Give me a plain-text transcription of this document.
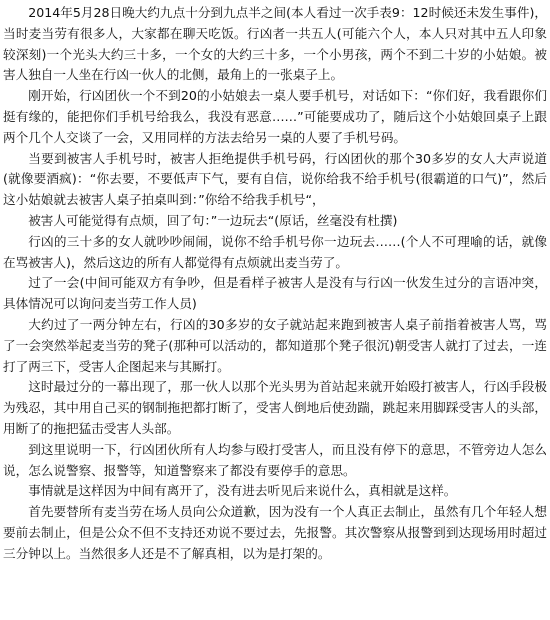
2014年5月28日晚大约九点十分到九点半之间(本人看过一次手表9：12时候还未发生事件)，当时麦当劳有很多人，大家都在聊天吃饭。行凶者一共五人(可能六个人，本人只对其中五人印象较深刻)一个光头大约三十多，一个女的大约三十多，一个小男孩，两个不到二十岁的小姑娘。被害人独自一人坐在行凶一伙人的北侧，最角上的一张桌子上。

刚开始，行凶团伙一个不到20的小姑娘去一桌人要手机号，对话如下：“你们好，我看跟你们挺有缘的，能把你们手机号给我么，我没有恶意……”可能要成功了，随后这个小姑娘回桌子上跟两个几个人交谈了一会，又用同样的方法去给另一桌的人要了手机号码。

当要到被害人手机号时，被害人拒绝提供手机号码，行凶团伙的那个30多岁的女人大声说道(就像要酒疯)：“你去要，不要低声下气，要有自信，说你给我不给手机号(很霸道的口气)”，然后这小姑娘就去被害人桌子拍桌叫到：”你给不给我手机号“，

被害人可能觉得有点烦，回了句：”一边玩去“(原话，丝毫没有杜撰)

行凶的三十多的女人就吵吵闹闹，说你不给手机号你一边玩去……(个人不可理喻的话，就像在骂被害人)，然后这边的所有人都觉得有点烦就出麦当劳了。

过了一会(中间可能双方有争吵，但是看样子被害人是没有与行凶一伙发生过分的言语冲突，具体情况可以询问麦当劳工作人员)

大约过了一两分钟左右，行凶的30多岁的女子就站起来跑到被害人桌子前指着被害人骂，骂了一会突然举起麦当劳的凳子(那种可以活动的，都知道那个凳子很沉)朝受害人就打了过去，一连打了两三下，受害人企图起来与其厮打。

这时最过分的一幕出现了，那一伙人以那个光头男为首站起来就开始殴打被害人，行凶手段极为残忍，其中用自己买的钢制拖把都打断了，受害人倒地后使劲踹，跳起来用脚踩受害人的头部，用断了的拖把猛击受害人头部。

到这里说明一下，行凶团伙所有人均参与殴打受害人，而且没有停下的意思，不管旁边人怎么说，怎么说警察、报警等，知道警察来了都没有要停手的意思。

事情就是这样因为中间有离开了，没有进去听见后来说什么，真相就是这样。

首先要替所有麦当劳在场人员向公众道歉，因为没有一个人真正去制止，虽然有几个年轻人想要前去制止，但是公众不但不支持还劝说不要过去，先报警。其次警察从报警到到达现场用时超过三分钟以上。当然很多人还是不了解真相，以为是打架的。
